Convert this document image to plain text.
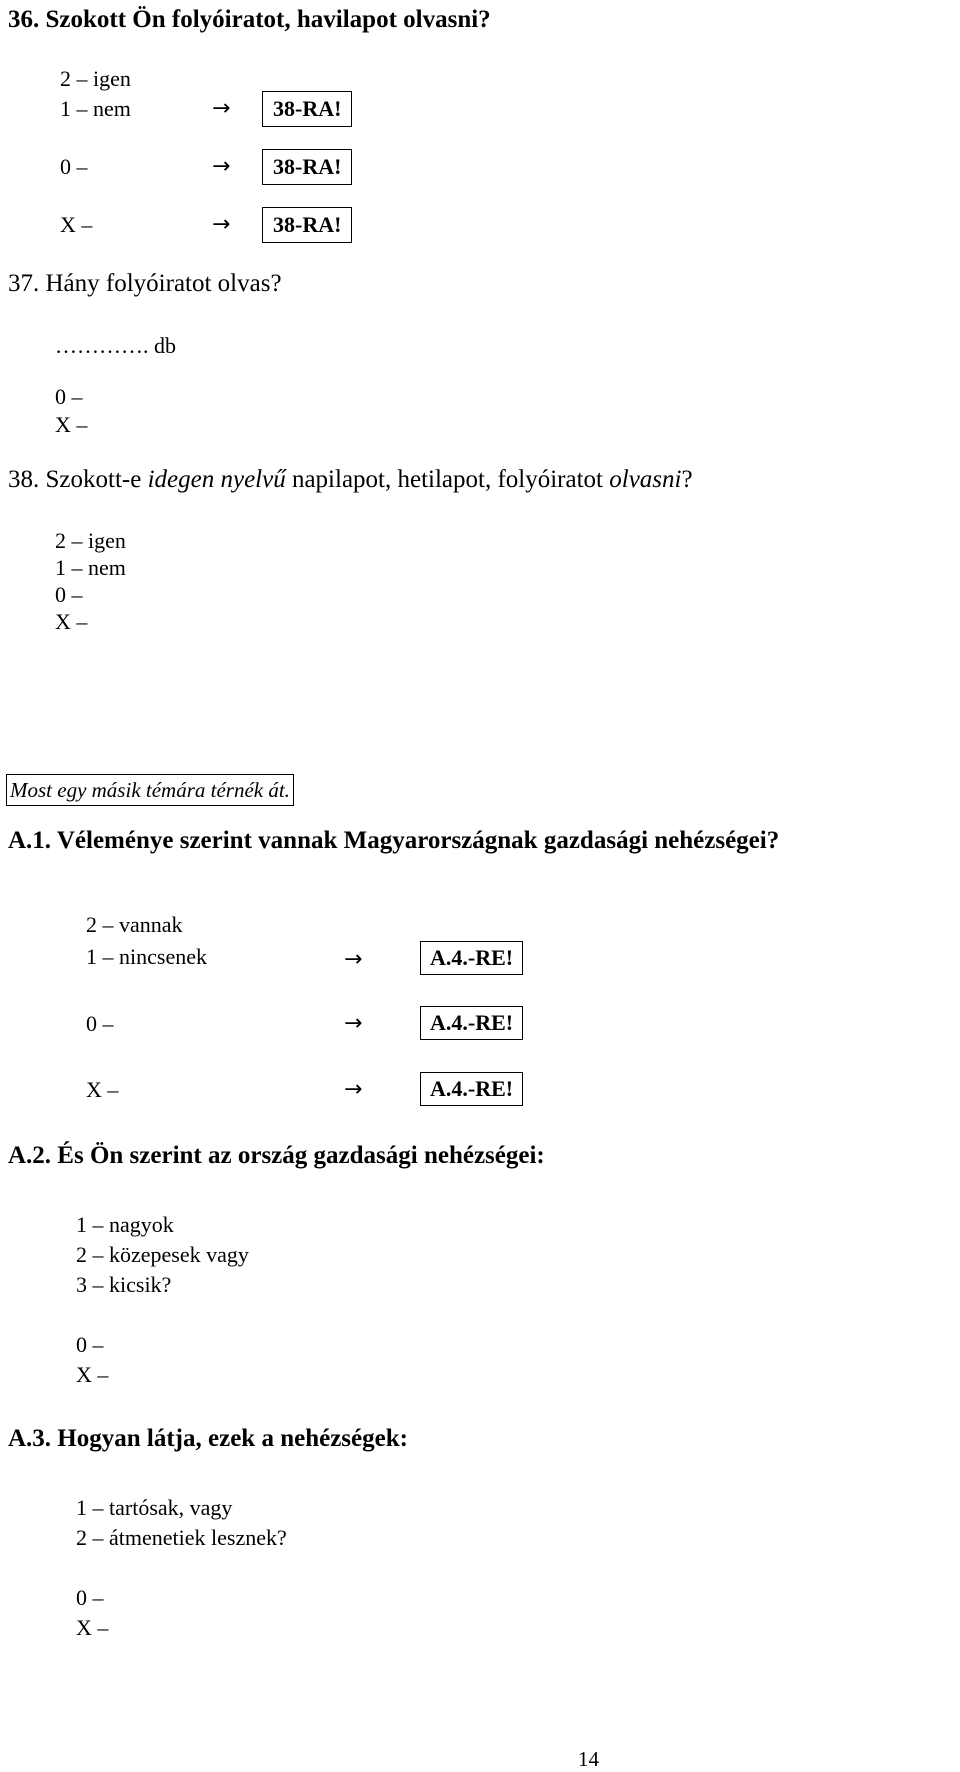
36. Szokott Ön folyóiratot, havilapot olvasni?
2 – igen
1 – nem	→	38-RA!
0 –	→	38-RA!
X –	→	38-RA!
37. Hány folyóiratot olvas?
…………. db
0 –
X –
38. Szokott-e idegen nyelvű napilapot, hetilapot, folyóiratot olvasni?
2 – igen
1 – nem
0 –
X –
Most egy másik témára térnék át.
A.1. Véleménye szerint vannak Magyarországnak gazdasági nehézségei?
2 – vannak
1 – nincsenek	→	A.4.-RE!
0 –	→	A.4.-RE!
X –	→	A.4.-RE!
A.2. És Ön szerint az ország gazdasági nehézségei:
1 – nagyok
2 – közepesek vagy
3 – kicsik?
0 –
X –
A.3. Hogyan látja, ezek a nehézségek:
1 – tartósak, vagy
2 – átmenetiek lesznek?
0 –
X –
14
